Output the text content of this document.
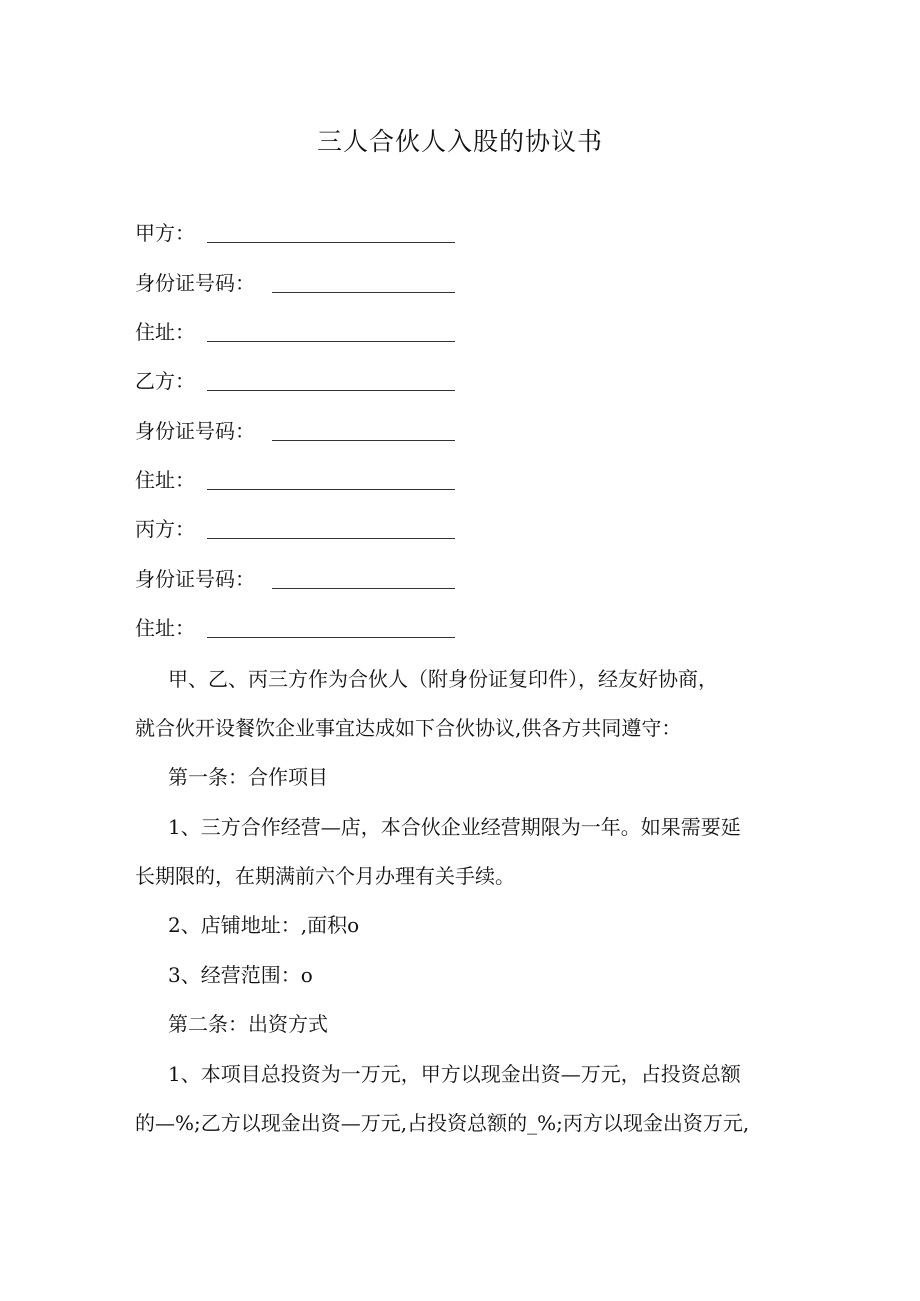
三人合伙人入股的协议书
甲方：
身份证号码：
住址：
乙方：
身份证号码：
住址：
丙方：
身份证号码：
住址：
甲、乙、丙三方作为合伙人（附身份证复印件），经友好协商，
就合伙开设餐饮企业事宜达成如下合伙协议,供各方共同遵守：
第一条：合作项目
1、三方合作经营—店，本合伙企业经营期限为一年。如果需要延
长期限的，在期满前六个月办理有关手续。
2、店铺地址：,面积o
3、经营范围：o
第二条：出资方式
1、本项目总投资为一万元，甲方以现金出资—万元，占投资总额
的—%;乙方以现金出资—万元,占投资总额的_%;丙方以现金出资万元,
